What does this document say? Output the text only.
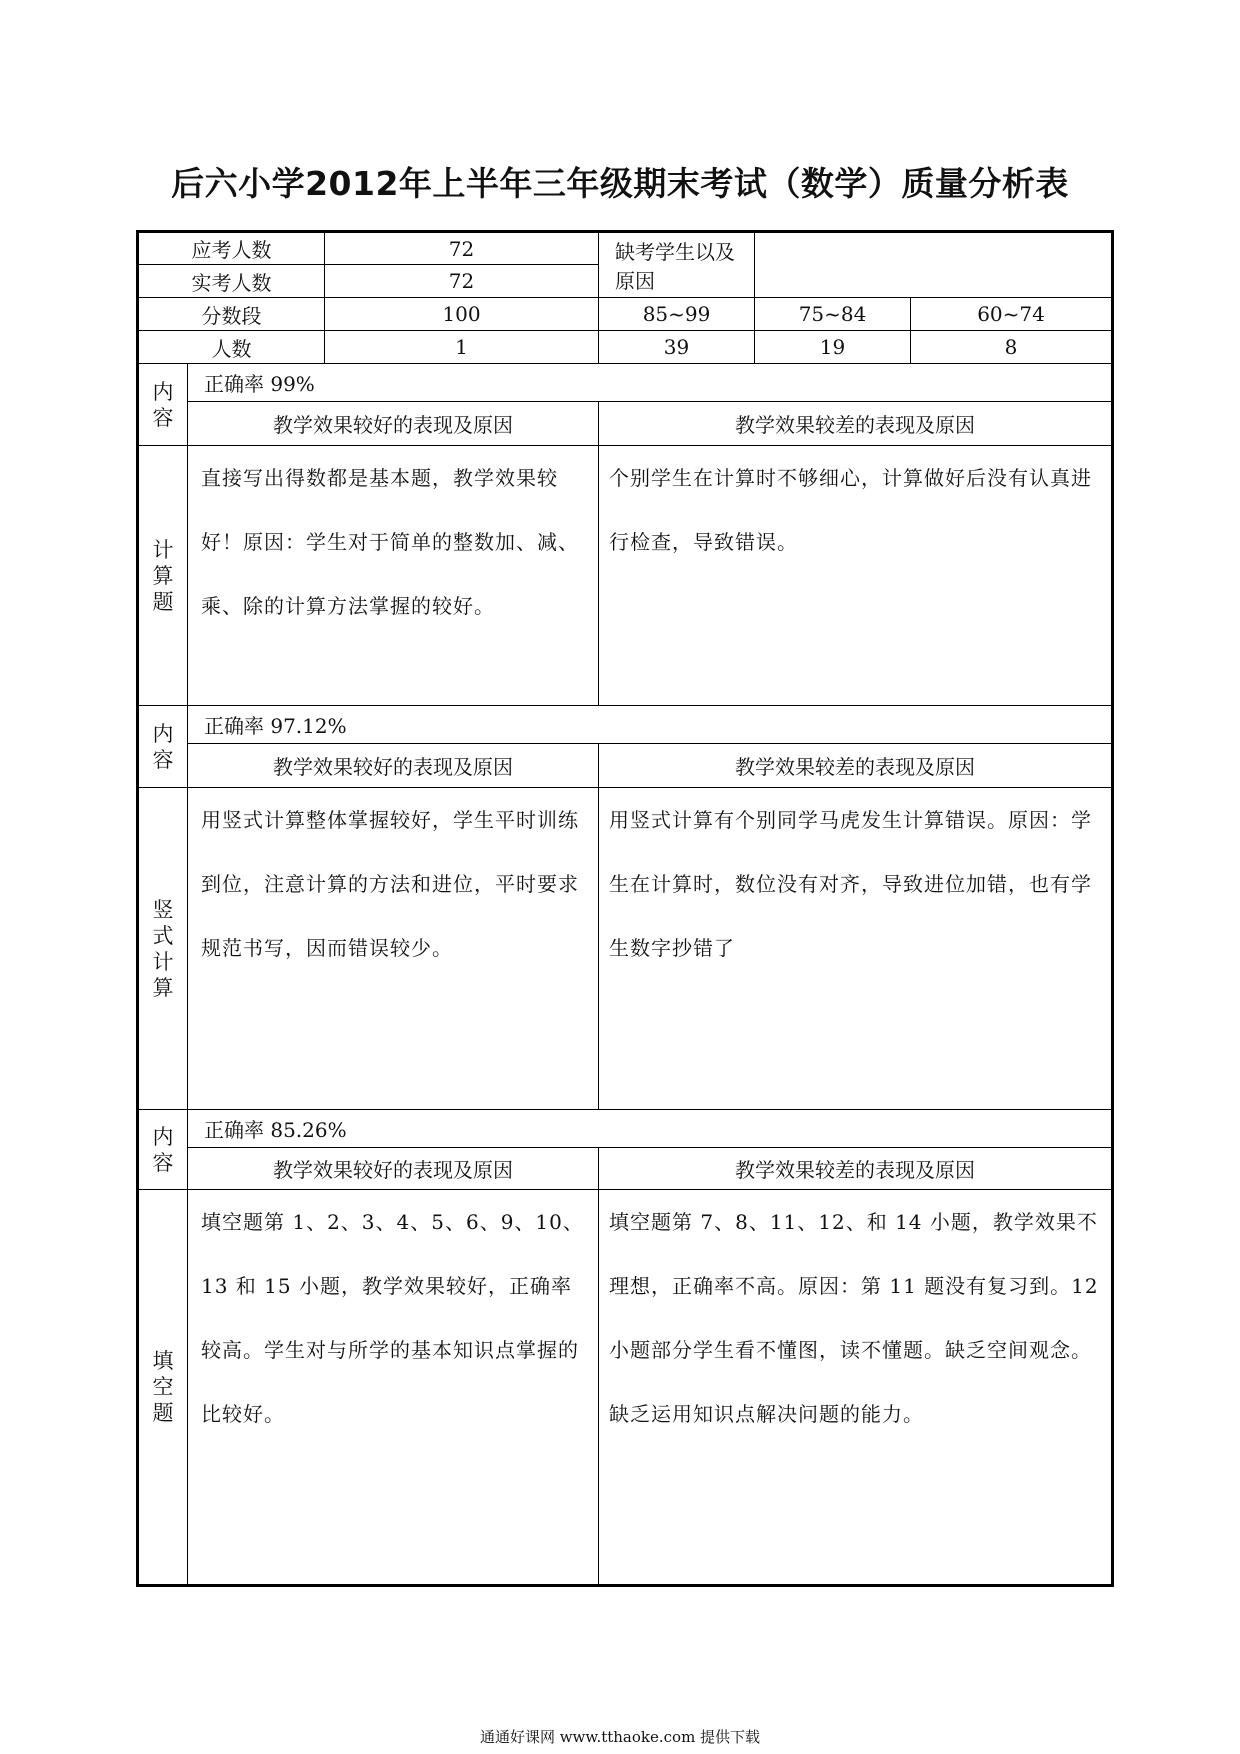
后六小学2012年上半年三年级期末考试（数学）质量分析表
应考人数		72	缺考学生以及原因		
实考人数		72			
分数段		100	85~99	75~84	60~74
人数		1	39	19	8

内
容	正确率 99%				
	教学效果较好的表现及原因		教学效果较差的表现及原因		

计
算
题	直接写出得数都是基本题，教学效果较好！原因：学生对于简单的整数加、减、乘、除的计算方法掌握的较好。		个别学生在计算时不够细心，计算做好后没有认真进行检查，导致错误。		

内
容	正确率 97.12%				
	教学效果较好的表现及原因		教学效果较差的表现及原因		

竖
式
计
算	用竖式计算整体掌握较好，学生平时训练到位，注意计算的方法和进位，平时要求规范书写，因而错误较少。		用竖式计算有个别同学马虎发生计算错误。原因：学生在计算时，数位没有对齐，导致进位加错，也有学生数字抄错了		

内
容	正确率 85.26%				
	教学效果较好的表现及原因		教学效果较差的表现及原因		

填
空
题	填空题第 1、2、3、4、5、6、9、10、13 和 15 小题，教学效果较好，正确率较高。学生对与所学的基本知识点掌握的比较好。		填空题第 7、8、11、12、和 14 小题，教学效果不理想，正确率不高。原因：第 11 题没有复习到。12 小题部分学生看不懂图，读不懂题。缺乏空间观念。缺乏运用知识点解决问题的能力。		
通通好课网 www.tthaoke.com 提供下载
